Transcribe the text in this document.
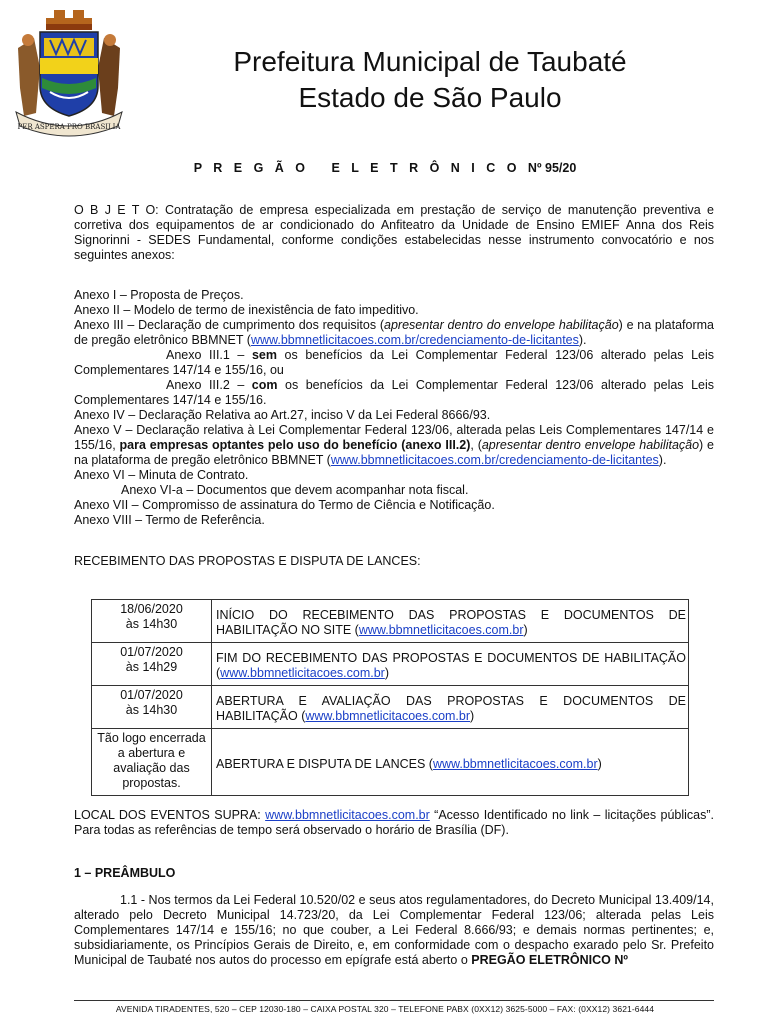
PER ASPERA PRO BRASILIA
Prefeitura Municipal de Taubaté
Estado de São Paulo
P R E G Ã O   E L E T R Ô N I C O Nº 95/20
O B J E T O: Contratação de empresa especializada em prestação de serviço de manutenção preventiva e corretiva dos equipamentos de ar condicionado do Anfiteatro da Unidade de Ensino EMIEF Anna dos Reis Signorinni - SEDES Fundamental, conforme condições estabelecidas nesse instrumento convocatório e nos seguintes anexos:
Anexo I – Proposta de Preços.
Anexo II – Modelo de termo de inexistência de fato impeditivo.
Anexo III – Declaração de cumprimento dos requisitos (apresentar dentro do envelope habilitação) e na plataforma de pregão eletrônico BBMNET (www.bbmnetlicitacoes.com.br/credenciamento-de-licitantes).
Anexo III.1 – sem os benefícios da Lei Complementar Federal 123/06 alterado pelas Leis Complementares 147/14 e 155/16, ou
Anexo III.2 – com os benefícios da Lei Complementar Federal 123/06 alterado pelas Leis Complementares 147/14 e 155/16.
Anexo IV – Declaração Relativa ao Art.27, inciso V da Lei Federal 8666/93.
Anexo V – Declaração relativa à Lei Complementar Federal 123/06, alterada pelas Leis Complementares 147/14 e 155/16, para empresas optantes pelo uso do benefício (anexo III.2), (apresentar dentro envelope habilitação) e na plataforma de pregão eletrônico BBMNET (www.bbmnetlicitacoes.com.br/credenciamento-de-licitantes).
Anexo VI – Minuta de Contrato.
Anexo VI-a – Documentos que devem acompanhar nota fiscal.
Anexo VII – Compromisso de assinatura do Termo de Ciência e Notificação.
Anexo VIII – Termo de Referência.
RECEBIMENTO DAS PROPOSTAS E DISPUTA DE LANCES:
18/06/2020
às 14h30	INÍCIO DO RECEBIMENTO DAS PROPOSTAS E DOCUMENTOS DE HABILITAÇÃO NO SITE (www.bbmnetlicitacoes.com.br)

01/07/2020
às 14h29	FIM DO RECEBIMENTO DAS PROPOSTAS E DOCUMENTOS DE HABILITAÇÃO (www.bbmnetlicitacoes.com.br)

01/07/2020
às 14h30	ABERTURA E AVALIAÇÃO DAS PROPOSTAS E DOCUMENTOS DE HABILITAÇÃO (www.bbmnetlicitacoes.com.br)

Tão logo encerrada a abertura e avaliação das propostas.	ABERTURA E DISPUTA DE LANCES (www.bbmnetlicitacoes.com.br)
LOCAL DOS EVENTOS SUPRA: www.bbmnetlicitacoes.com.br “Acesso Identificado no link – licitações públicas”. Para todas as referências de tempo será observado o horário de Brasília (DF).
1 – PREÂMBULO
1.1 - Nos termos da Lei Federal 10.520/02 e seus atos regulamentadores, do Decreto Municipal 13.409/14, alterado pelo Decreto Municipal 14.723/20, da Lei Complementar Federal 123/06; alterada pelas Leis Complementares 147/14 e 155/16; no que couber, a Lei Federal 8.666/93; e demais normas pertinentes; e, subsidiariamente, os Princípios Gerais de Direito, e, em conformidade com o despacho exarado pelo Sr. Prefeito Municipal de Taubaté nos autos do processo em epígrafe está aberto o PREGÃO ELETRÔNICO Nº
AVENIDA TIRADENTES, 520 – CEP 12030-180 – CAIXA POSTAL 320 – TELEFONE PABX (0XX12) 3625-5000 – FAX: (0XX12) 3621-6444
